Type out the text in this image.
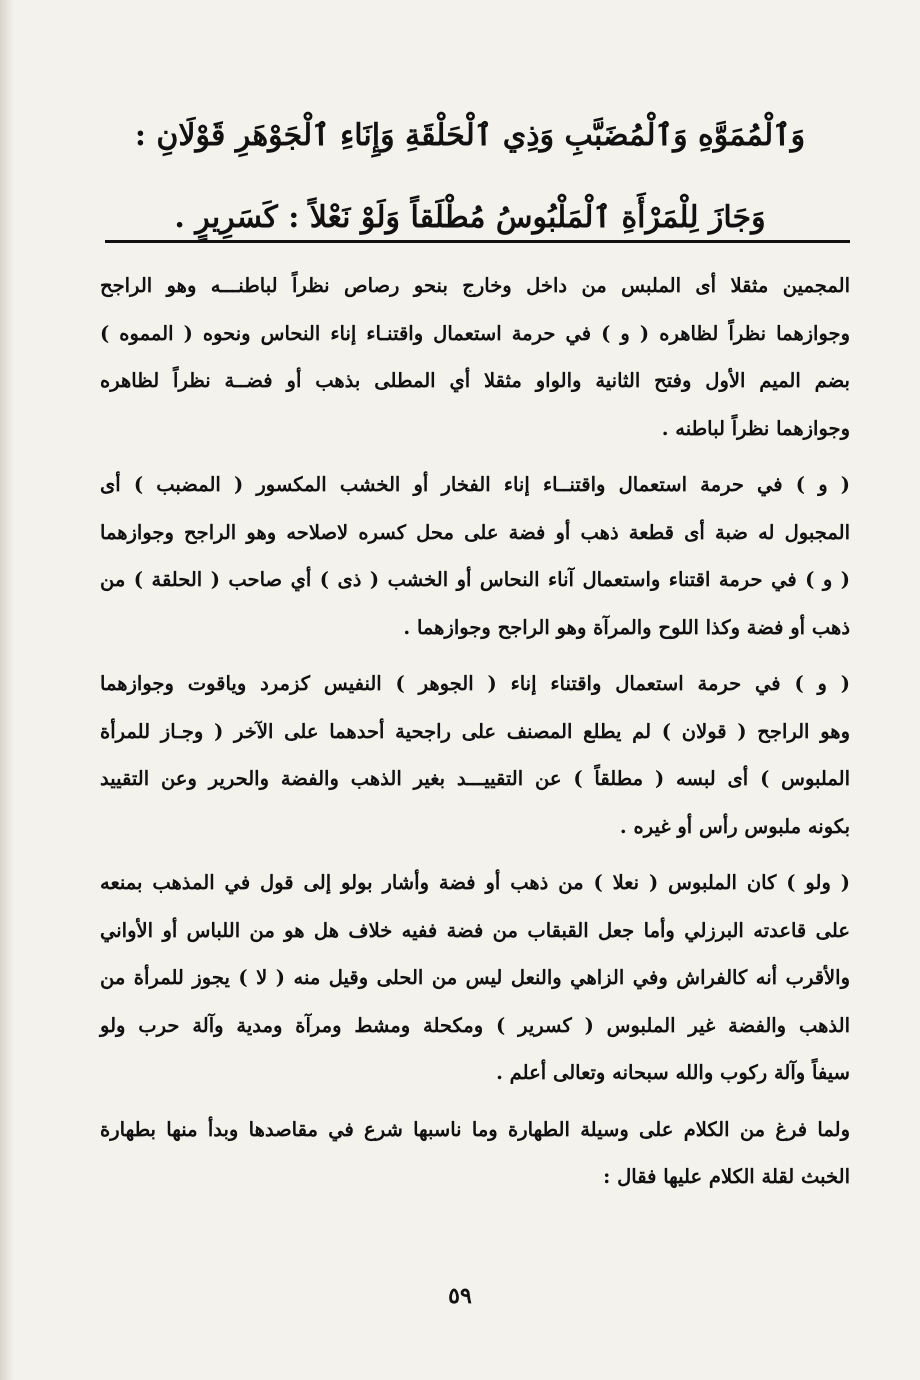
وَٱلْمُمَوَّهِ وَٱلْمُضَبَّبِ وَذِي ٱلْحَلْقَةِ وَإِنَاءِ ٱلْجَوْهَرِ قَوْلَانِ :
وَجَازَ لِلْمَرْأَةِ ٱلْمَلْبُوسُ مُطْلَقاً وَلَوْ نَعْلاً : كَسَرِيرٍ .

المجمين مثقلا أى الملبس من داخل وخارج بنحو رصاص نظراً لباطنـــه وهو الراجح
وجوازهما نظراً لظاهره ( و ) في حرمة استعمال واقتنـاء إناء النحاس ونحوه ( المموه )
بضم الميم الأول وفتح الثانية والواو مثقلا أي المطلى بذهب أو فضــة نظراً لظاهره
وجوازهما نظراً لباطنه .

( و ) في حرمة استعمال واقتنــاء إناء الفخار أو الخشب المكسور ( المضبب ) أى
المجبول له ضبة أى قطعة ذهب أو فضة على محل كسره لاصلاحه وهو الراجح وجوازهما
( و ) في حرمة اقتناء واستعمال آناء النحاس أو الخشب ( ذى ) أي صاحب ( الحلقة ) من
ذهب أو فضة وكذا اللوح والمرآة وهو الراجح وجوازهما .

( و ) في حرمة استعمال واقتناء إناء ( الجوهر ) النفيس كزمرد وياقوت وجوازهما
وهو الراجح ( قولان ) لم يطلع المصنف على راجحية أحدهما على الآخر ( وجـاز للمرأة
الملبوس ) أى لبسه ( مطلقاً ) عن التقييـــد بغير الذهب والفضة والحرير وعن التقييد
بكونه ملبوس رأس أو غيره .

( ولو ) كان الملبوس ( نعلا ) من ذهب أو فضة وأشار بولو إلى قول في المذهب بمنعه
على قاعدته البرزلي وأما جعل القبقاب من فضة ففيه خلاف هل هو من اللباس أو الأواني
والأقرب أنه كالفراش وفي الزاهي والنعل ليس من الحلى وقيل منه ( لا ) يجوز للمرأة من
الذهب والفضة غير الملبوس ( كسرير ) ومكحلة ومشط ومرآة ومدية وآلة حرب ولو
سيفاً وآلة ركوب والله سبحانه وتعالى أعلم .

ولما فرغ من الكلام على وسيلة الطهارة وما ناسبها شرع في مقاصدها وبدأ منها بطهارة
الخبث لقلة الكلام عليها فقال :

٥٩
